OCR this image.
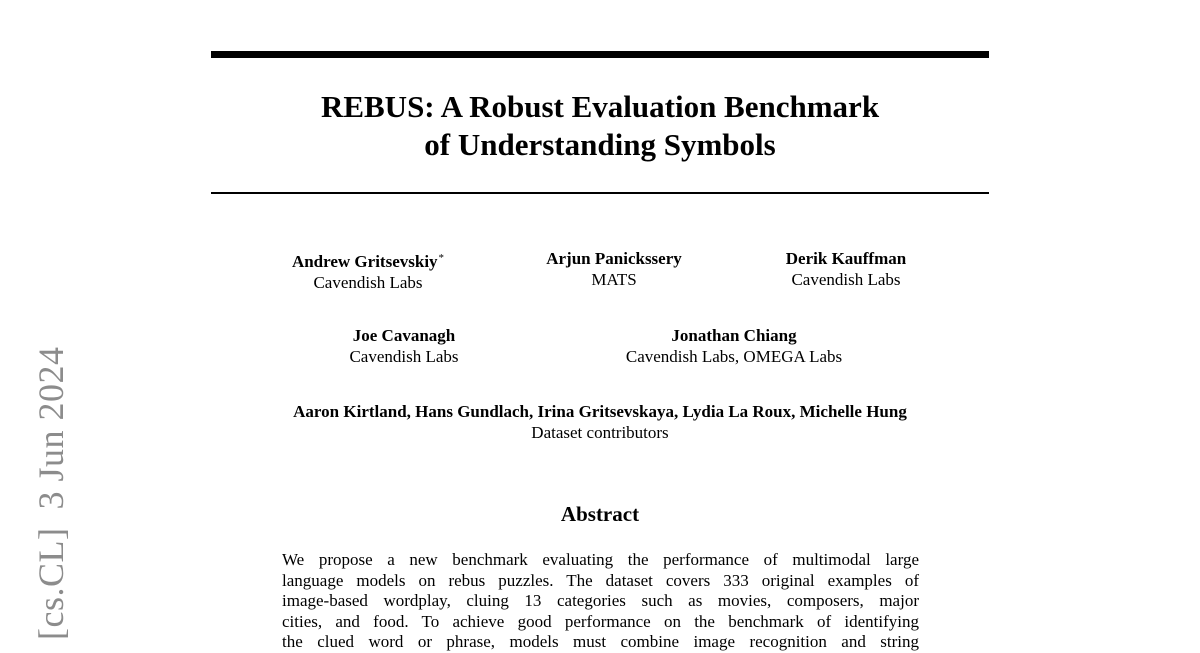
[cs.CL]3 Jun 2024
REBUS: A Robust Evaluation Benchmark
of Understanding Symbols
Andrew Gritsevskiy*
Cavendish Labs
Arjun Panickssery
MATS
Derik Kauffman
Cavendish Labs
Joe Cavanagh
Cavendish Labs
Jonathan Chiang
Cavendish Labs, OMEGA Labs
Aaron Kirtland, Hans Gundlach, Irina Gritsevskaya, Lydia La Roux, Michelle Hung
Dataset contributors
Abstract
We propose a new benchmark evaluating the performance of multimodal large
language models on rebus puzzles. The dataset covers 333 original examples of
image-based wordplay, cluing 13 categories such as movies, composers, major
cities, and food. To achieve good performance on the benchmark of identifying
the clued word or phrase, models must combine image recognition and string
